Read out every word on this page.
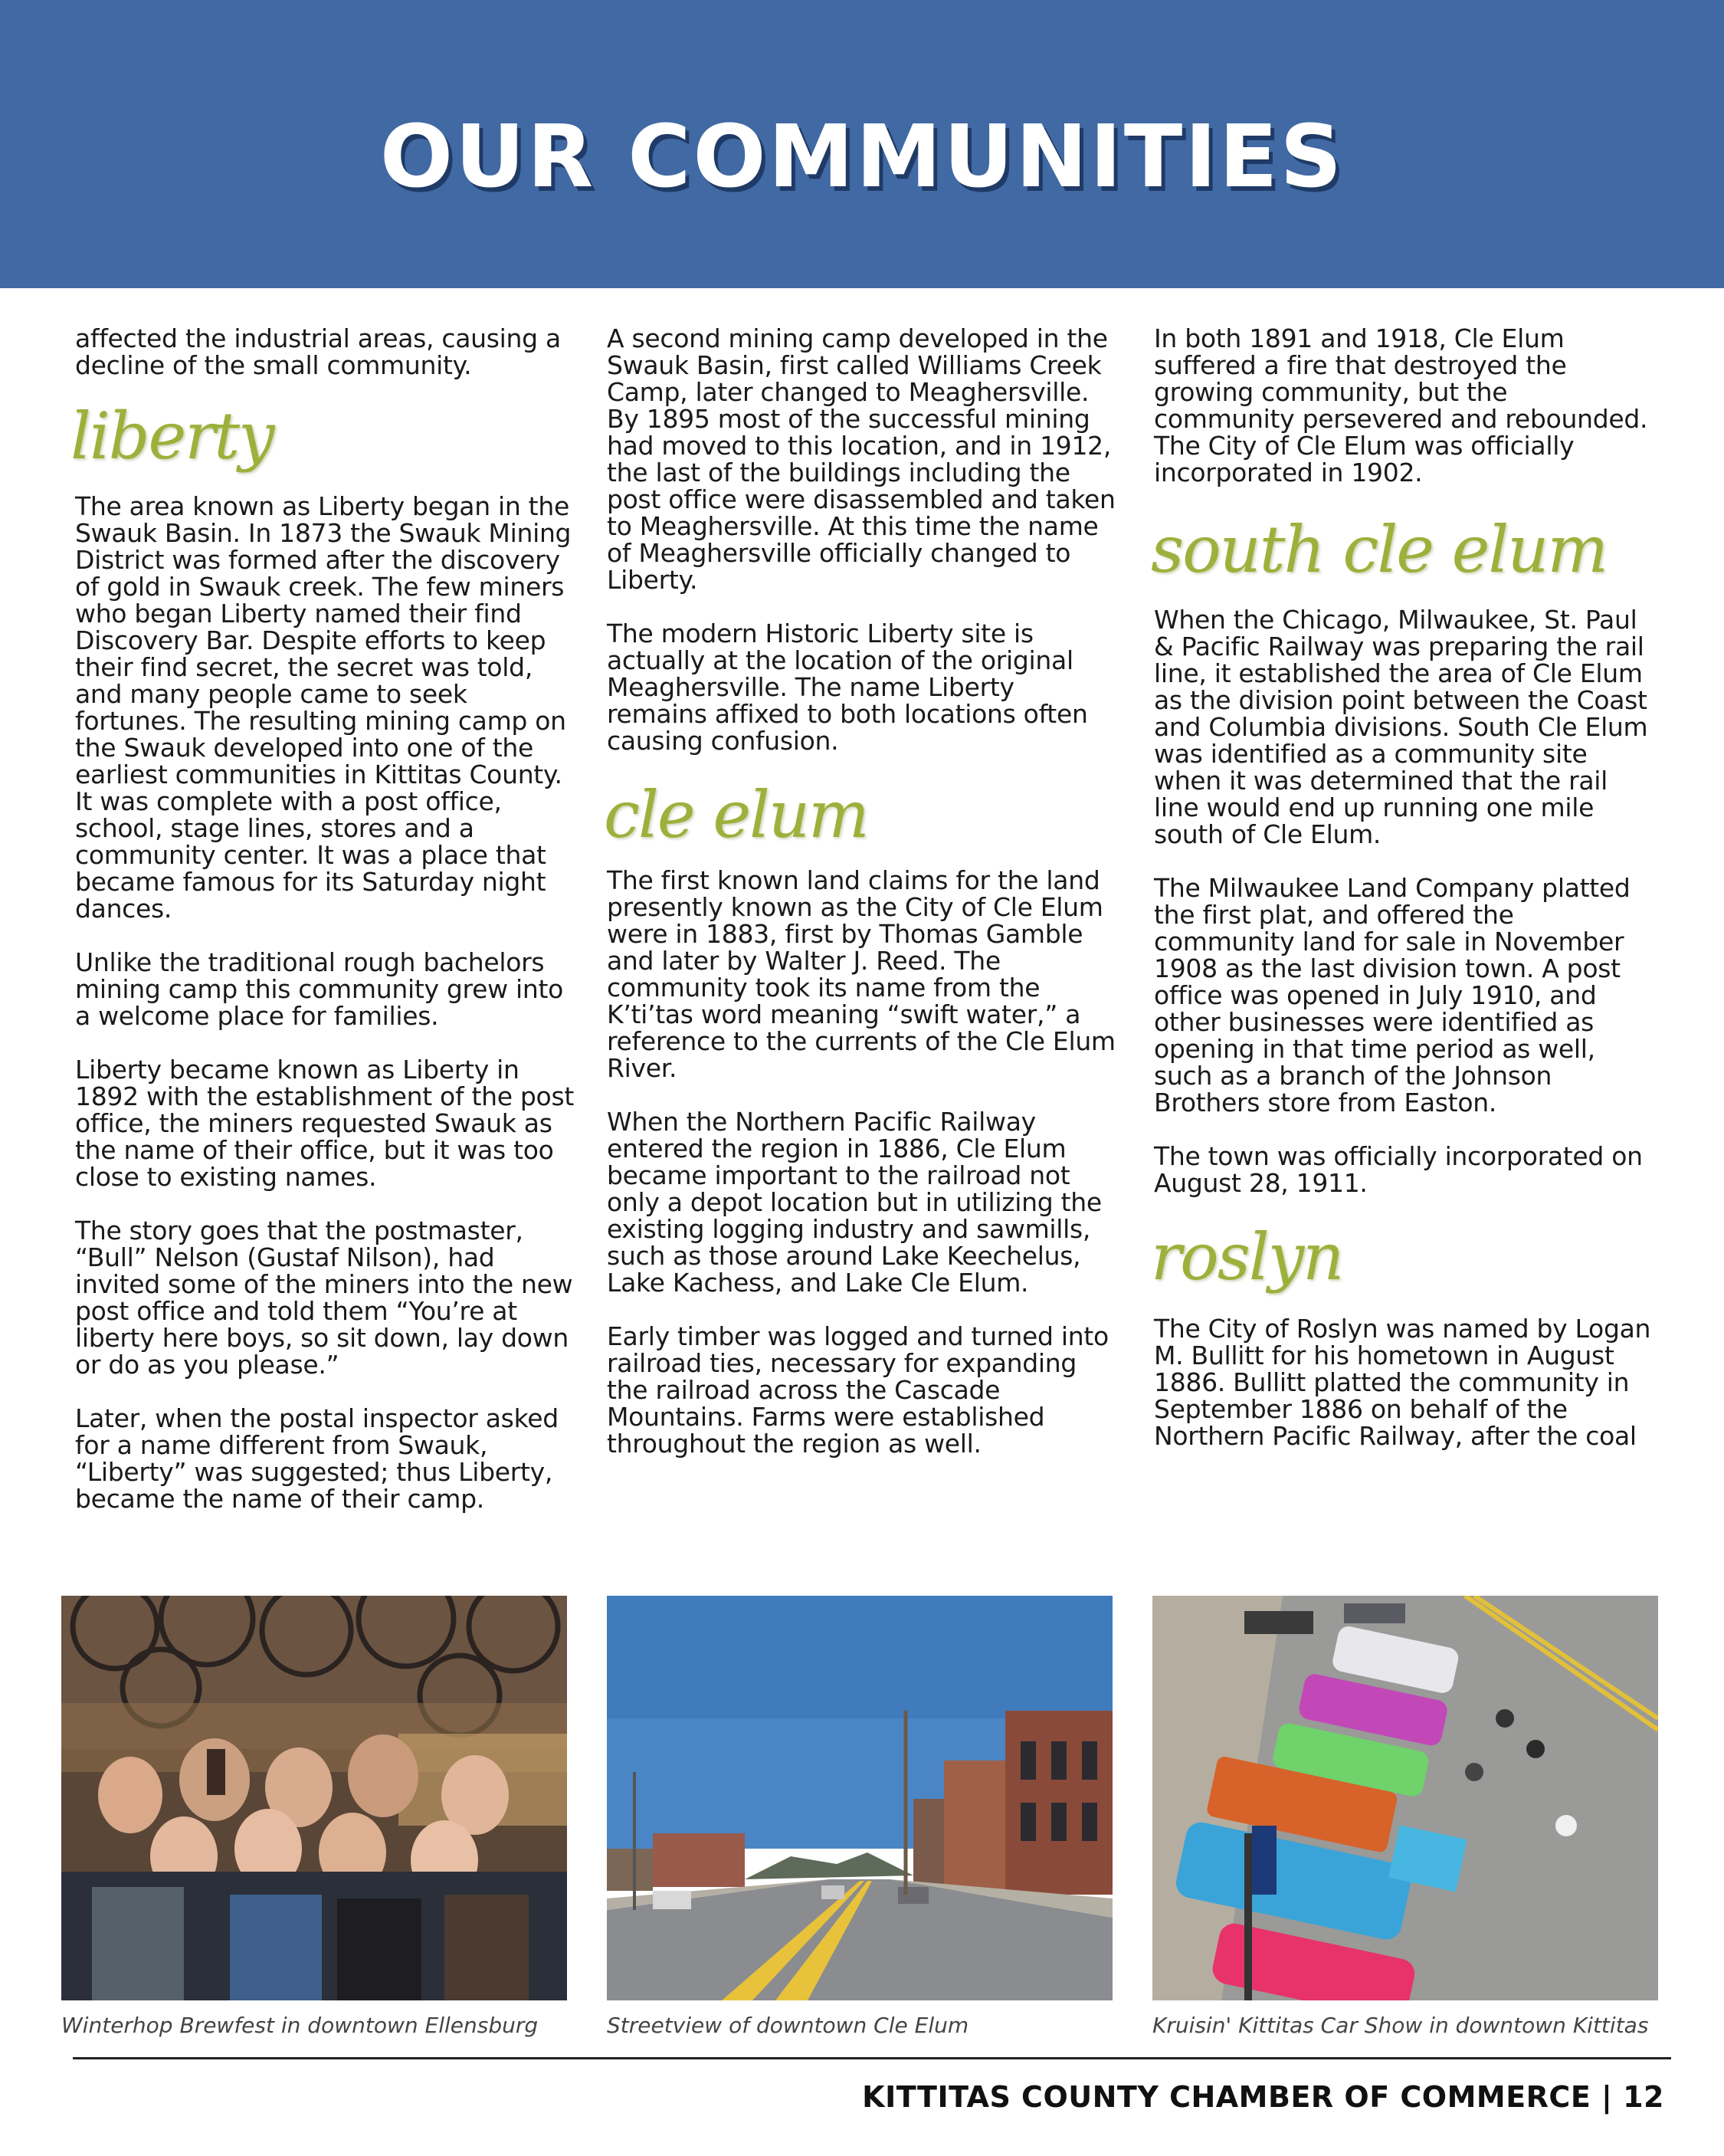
OUR COMMUNITIES

affected the industrial areas, causing a decline of the small community.

liberty

The area known as Liberty began in the Swauk Basin. In 1873 the Swauk Mining District was formed after the discovery of gold in Swauk creek. The few miners who began Liberty named their find Discovery Bar. Despite efforts to keep their find secret, the secret was told, and many people came to seek fortunes. The resulting mining camp on the Swauk developed into one of the earliest communities in Kittitas County. It was complete with a post office, school, stage lines, stores and a community center. It was a place that became famous for its Saturday night dances.

Unlike the traditional rough bachelors mining camp this community grew into a welcome place for families.

Liberty became known as Liberty in 1892 with the establishment of the post office, the miners requested Swauk as the name of their office, but it was too close to existing names.

The story goes that the postmaster, “Bull” Nelson (Gustaf Nilson), had invited some of the miners into the new post office and told them “You’re at liberty here boys, so sit down, lay down or do as you please.”

Later, when the postal inspector asked for a name different from Swauk, “Liberty” was suggested; thus Liberty, became the name of their camp.

A second mining camp developed in the Swauk Basin, first called Williams Creek Camp, later changed to Meaghersville. By 1895 most of the successful mining had moved to this location, and in 1912, the last of the buildings including the post office were disassembled and taken to Meaghersville. At this time the name of Meaghersville officially changed to Liberty.

The modern Historic Liberty site is actually at the location of the original Meaghersville. The name Liberty remains affixed to both locations often causing confusion.

cle elum

The first known land claims for the land presently known as the City of Cle Elum were in 1883, first by Thomas Gamble and later by Walter J. Reed. The community took its name from the K’ti’tas word meaning “swift water,” a reference to the currents of the Cle Elum River.

When the Northern Pacific Railway entered the region in 1886, Cle Elum became important to the railroad not only a depot location but in utilizing the existing logging industry and sawmills, such as those around Lake Keechelus, Lake Kachess, and Lake Cle Elum.

Early timber was logged and turned into railroad ties, necessary for expanding the railroad across the Cascade Mountains. Farms were established throughout the region as well.

In both 1891 and 1918, Cle Elum suffered a fire that destroyed the growing community, but the community persevered and rebounded. The City of Cle Elum was officially incorporated in 1902.

south cle elum

When the Chicago, Milwaukee, St. Paul & Pacific Railway was preparing the rail line, it established the area of Cle Elum as the division point between the Coast and Columbia divisions. South Cle Elum was identified as a community site when it was determined that the rail line would end up running one mile south of Cle Elum.

The Milwaukee Land Company platted the first plat, and offered the community land for sale in November 1908 as the last division town. A post office was opened in July 1910, and other businesses were identified as opening in that time period as well, such as a branch of the Johnson Brothers store from Easton.

The town was officially incorporated on August 28, 1911.

roslyn

The City of Roslyn was named by Logan M. Bullitt for his hometown in August 1886. Bullitt platted the community in September 1886 on behalf of the Northern Pacific Railway, after the coal

Winterhop Brewfest in downtown Ellensburg	Streetview of downtown Cle Elum	Kruisin' Kittitas Car Show in downtown Kittitas
KITTITAS COUNTY CHAMBER OF COMMERCE | 12
